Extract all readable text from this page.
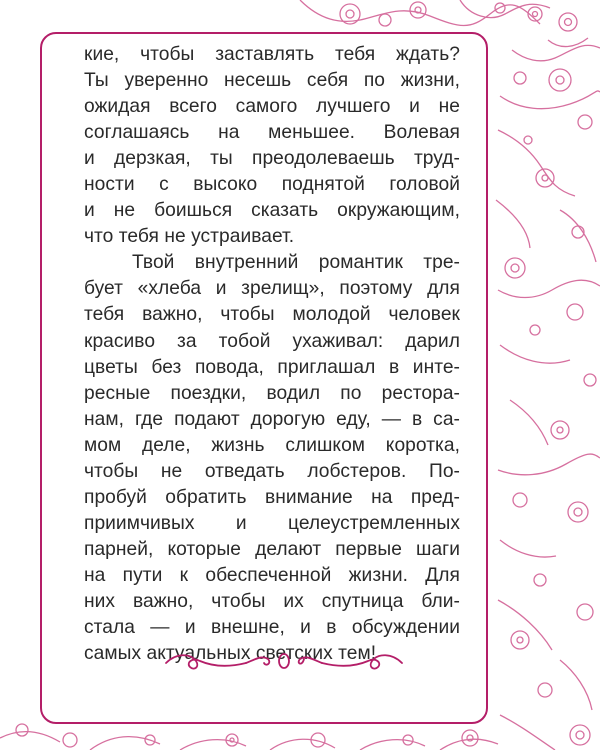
кие, чтобы заставлять тебя ждать?
Ты уверенно несешь себя по жизни,
ожидая всего самого лучшего и не
соглашаясь на меньшее. Волевая
и дерзкая, ты преодолеваешь труд-
ности с высоко поднятой головой
и не боишься сказать окружающим,
что тебя не устраивает.
Твой внутренний романтик тре-
бует «хлеба и зрелищ», поэтому для
тебя важно, чтобы молодой человек
красиво за тобой ухаживал: дарил
цветы без повода, приглашал в инте-
ресные поездки, водил по рестора-
нам, где подают дорогую еду, — в са-
мом деле, жизнь слишком коротка,
чтобы не отведать лобстеров. По-
пробуй обратить внимание на пред-
приимчивых и целеустремленных
парней, которые делают первые шаги
на пути к обеспеченной жизни. Для
них важно, чтобы их спутница бли-
стала — и внешне, и в обсуждении
самых актуальных светских тем!
